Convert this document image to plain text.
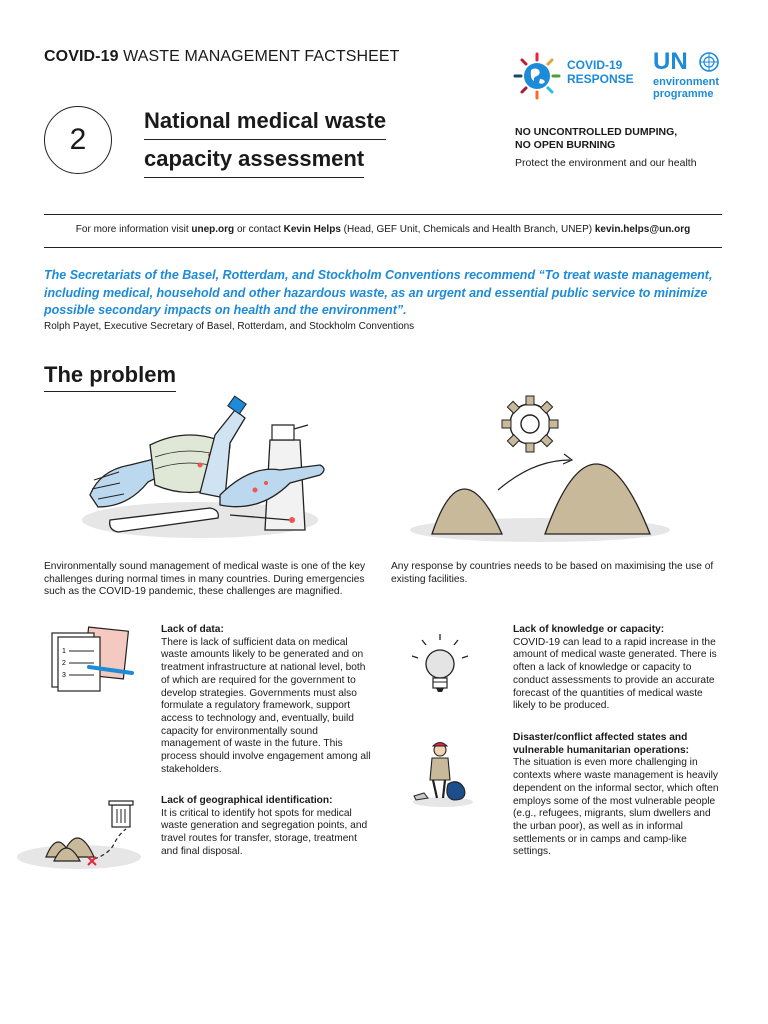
COVID-19 WASTE MANAGEMENT FACTSHEET
2
National medical waste
capacity assessment
COVID-19
RESPONSE
UN
environment
programme
NO UNCONTROLLED DUMPING,
NO OPEN BURNING
Protect the environment and our health
For more information visit unep.org or contact Kevin Helps (Head, GEF Unit, Chemicals and Health Branch, UNEP) kevin.helps@un.org
The Secretariats of the Basel, Rotterdam, and Stockholm Conventions recommend “To treat waste management, including medical, household and other hazardous waste, as an urgent and essential public service to minimize possible secondary impacts on health and the environment”.
Rolph Payet, Executive Secretary of Basel, Rotterdam, and Stockholm Conventions
The problem
Environmentally sound management of medical waste is one of the key challenges during normal times in many countries. During emergencies such as the COVID-19 pandemic, these challenges are magnified.
Any response by countries needs to be based on maximising the use of existing facilities.
1
2
3
Lack of data:
There is lack of sufficient data on medical waste amounts likely to be generated and on treatment infrastructure at national level, both of which are required for the government to develop strategies. Governments must also formulate a regulatory framework, support access to technology and, eventually, build capacity for environmentally sound management of waste in the future. This process should involve engagement among all stakeholders.
Lack of geographical identification:
It is critical to identify hot spots for medical waste generation and segregation points, and travel routes for transfer, storage, treatment and final disposal.
Lack of knowledge or capacity:
COVID-19 can lead to a rapid increase in the amount of medical waste generated. There is often a lack of knowledge or capacity to conduct assessments to provide an accurate forecast of the quantities of medical waste likely to be produced.
Disaster/conflict affected states and vulnerable humanitarian operations:
The situation is even more challenging in contexts where waste management is heavily dependent on the informal sector, which often employs some of the most vulnerable people (e.g., refugees, migrants, slum dwellers and the urban poor), as well as in informal settlements or in camps and camp-like settings.
